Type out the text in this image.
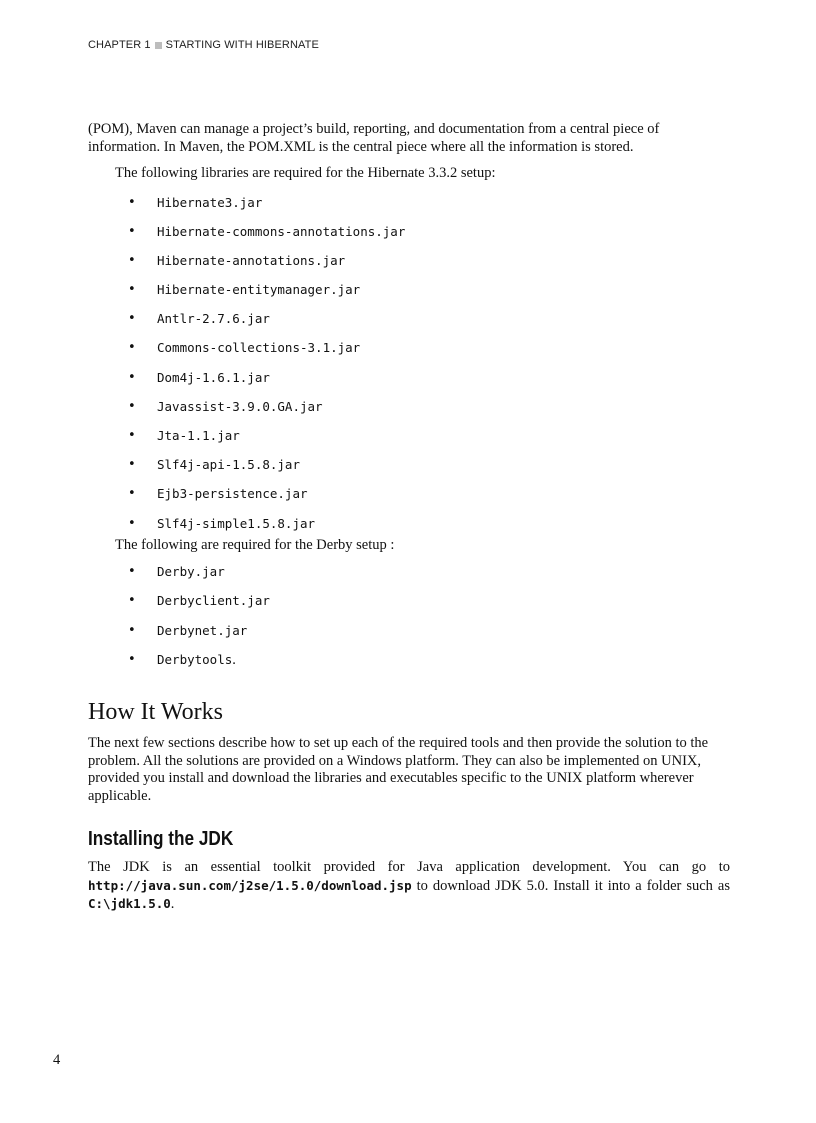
CHAPTER 1 STARTING WITH HIBERNATE

(POM), Maven can manage a project’s build, reporting, and documentation from a central piece of information. In Maven, the POM.XML is the central piece where all the information is stored.

The following libraries are required for the Hibernate 3.3.2 setup:

• Hibernate3.jar
• Hibernate-commons-annotations.jar
• Hibernate-annotations.jar
• Hibernate-entitymanager.jar
• Antlr-2.7.6.jar
• Commons-collections-3.1.jar
• Dom4j-1.6.1.jar
• Javassist-3.9.0.GA.jar
• Jta-1.1.jar
• Slf4j-api-1.5.8.jar
• Ejb3-persistence.jar
• Slf4j-simple1.5.8.jar

The following are required for the Derby setup :

• Derby.jar
• Derbyclient.jar
• Derbynet.jar
• Derbytools.
How It Works

The next few sections describe how to set up each of the required tools and then provide the solution to the problem. All the solutions are provided on a Windows platform. They can also be implemented on UNIX, provided you install and download the libraries and executables specific to the UNIX platform wherever applicable.

Installing the JDK

The JDK is an essential toolkit provided for Java application development. You can go to http://java.sun.com/j2se/1.5.0/download.jsp to download JDK 5.0. Install it into a folder such as C:\jdk1.5.0.

4
